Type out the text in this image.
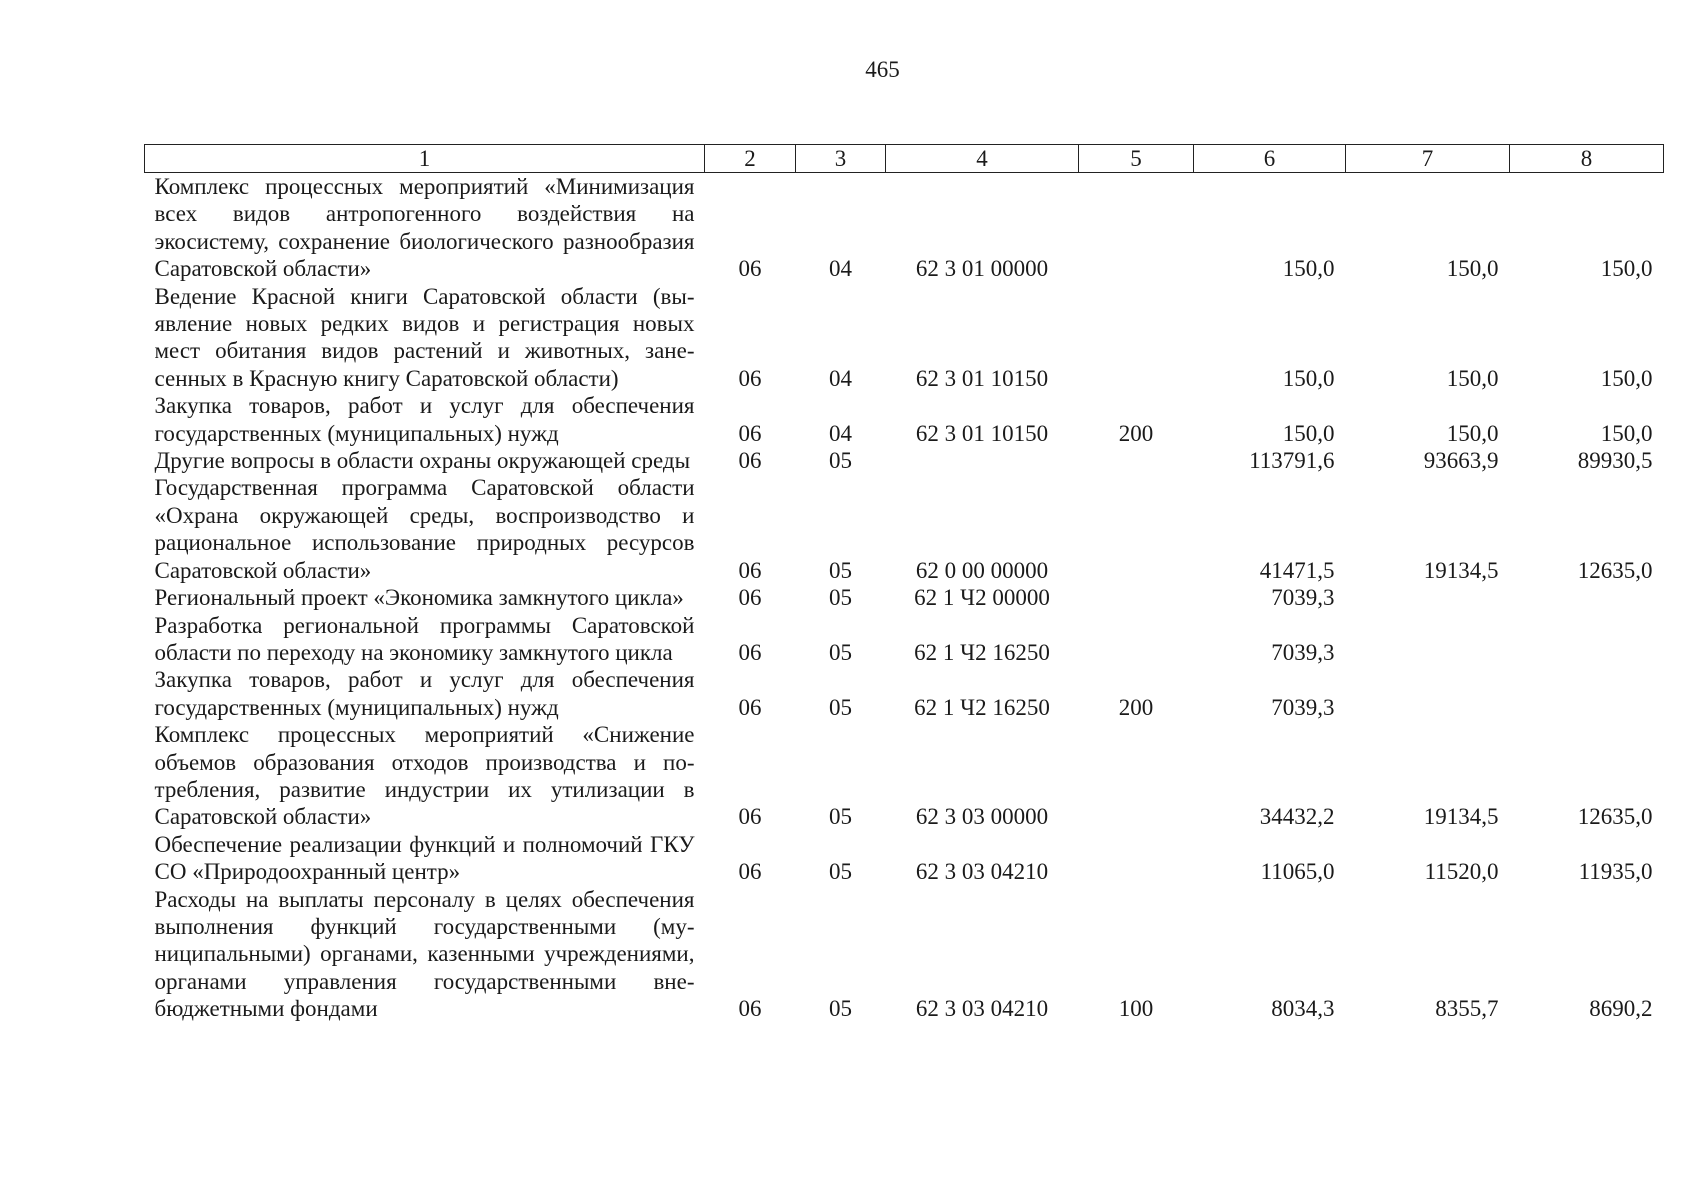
465
1	2	3	4	5	6	7	8
Комплекс процессных мероприятий «Минимизация всех видов антропогенного воздействия на экосистему, сохранение биологического разнообразия Саратовской области»	06	04	62 3 01 00000		150,0	150,0	150,0
Ведение Красной книги Саратовской области (выявление новых редких видов и регистрация новых мест обитания видов растений и животных, занесенных в Красную книгу Саратовской области)	06	04	62 3 01 10150		150,0	150,0	150,0
Закупка товаров, работ и услуг для обеспечения государственных (муниципальных) нужд	06	04	62 3 01 10150	200	150,0	150,0	150,0
Другие вопросы в области охраны окружающей среды	06	05			113791,6	93663,9	89930,5
Государственная программа Саратовской области «Охрана окружающей среды, воспроизводство и рациональное использование природных ресурсов Саратовской области»	06	05	62 0 00 00000		41471,5	19134,5	12635,0
Региональный проект «Экономика замкнутого цикла»	06	05	62 1 Ч2 00000		7039,3		
Разработка региональной программы Саратовской области по переходу на экономику замкнутого цикла	06	05	62 1 Ч2 16250		7039,3		
Закупка товаров, работ и услуг для обеспечения государственных (муниципальных) нужд	06	05	62 1 Ч2 16250	200	7039,3		
Комплекс процессных мероприятий «Снижение объемов образования отходов производства и потребления, развитие индустрии их утилизации в Саратовской области»	06	05	62 3 03 00000		34432,2	19134,5	12635,0
Обеспечение реализации функций и полномочий ГКУ СО «Природоохранный центр»	06	05	62 3 03 04210		11065,0	11520,0	11935,0
Расходы на выплаты персоналу в целях обеспечения выполнения функций государственными (муниципальными) органами, казенными учреждениями, органами управления государственными внебюджетными фондами	06	05	62 3 03 04210	100	8034,3	8355,7	8690,2
